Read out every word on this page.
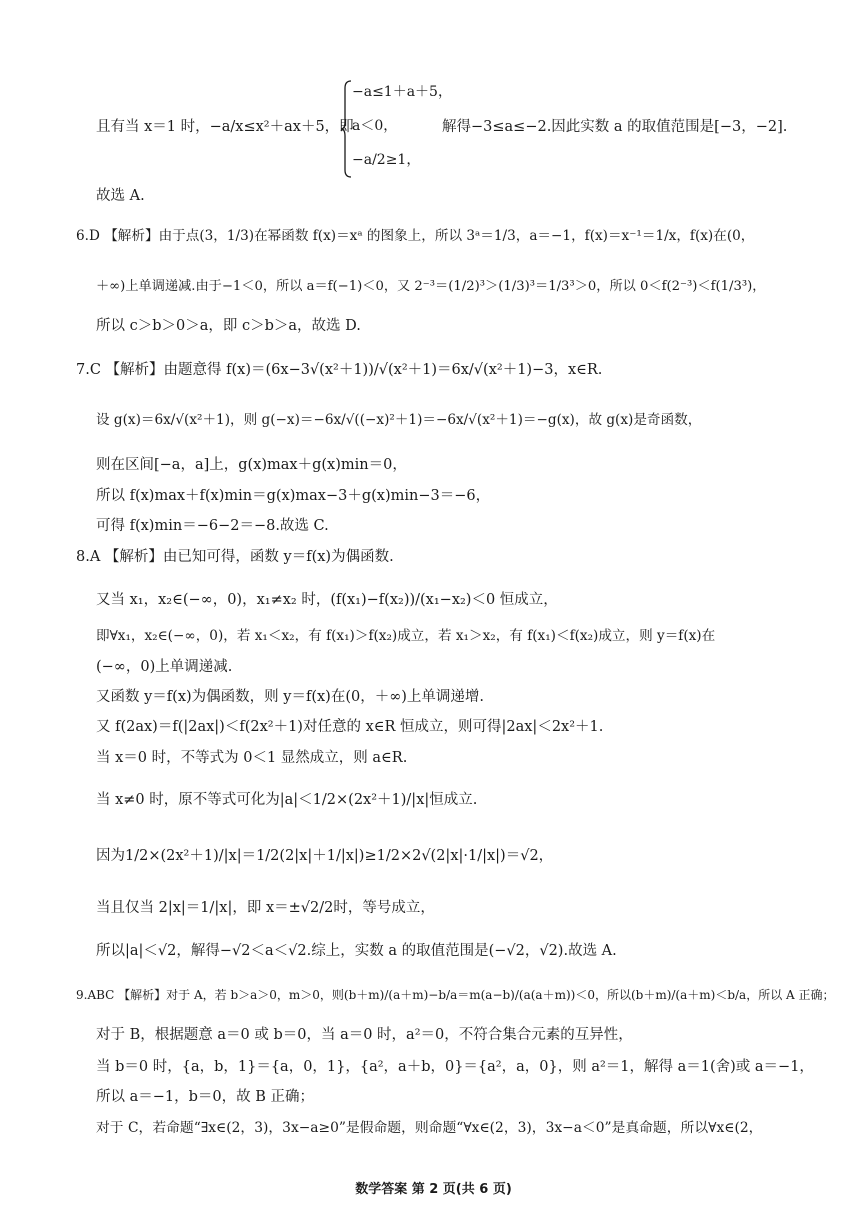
且有当 x＝1 时，−a/x≤x²＋ax＋5，即
−a≤1＋a＋5，
a＜0，
−a/2≥1，
解得−3≤a≤−2.因此实数 a 的取值范围是[−3，−2].
故选 A.
6.D 【解析】由于点(3，1/3)在幂函数 f(x)＝xᵃ 的图象上，所以 3ᵃ＝1/3，a＝−1，f(x)＝x⁻¹＝1/x，f(x)在(0，
＋∞)上单调递减.由于−1＜0，所以 a＝f(−1)＜0，又 2⁻³＝(1/2)³＞(1/3)³＝1/3³＞0，所以 0＜f(2⁻³)＜f(1/3³)，
所以 c＞b＞0＞a，即 c＞b＞a，故选 D.
7.C 【解析】由题意得 f(x)＝(6x−3√(x²＋1))/√(x²＋1)＝6x/√(x²＋1)−3，x∈R.
设 g(x)＝6x/√(x²＋1)，则 g(−x)＝−6x/√((−x)²＋1)＝−6x/√(x²＋1)＝−g(x)，故 g(x)是奇函数，
则在区间[−a，a]上，g(x)max＋g(x)min＝0，
所以 f(x)max＋f(x)min＝g(x)max−3＋g(x)min−3＝−6，
可得 f(x)min＝−6−2＝−8.故选 C.
8.A 【解析】由已知可得，函数 y＝f(x)为偶函数.
又当 x₁，x₂∈(−∞，0)，x₁≠x₂ 时，(f(x₁)−f(x₂))/(x₁−x₂)＜0 恒成立，
即∀x₁，x₂∈(−∞，0)，若 x₁＜x₂，有 f(x₁)＞f(x₂)成立，若 x₁＞x₂，有 f(x₁)＜f(x₂)成立，则 y＝f(x)在
(−∞，0)上单调递减.
又函数 y＝f(x)为偶函数，则 y＝f(x)在(0，＋∞)上单调递增.
又 f(2ax)＝f(|2ax|)＜f(2x²＋1)对任意的 x∈R 恒成立，则可得|2ax|＜2x²＋1.
当 x＝0 时，不等式为 0＜1 显然成立，则 a∈R.
当 x≠0 时，原不等式可化为|a|＜1/2×(2x²＋1)/|x|恒成立.
因为1/2×(2x²＋1)/|x|＝1/2(2|x|＋1/|x|)≥1/2×2√(2|x|·1/|x|)＝√2，
当且仅当 2|x|＝1/|x|，即 x＝±√2/2时，等号成立，
所以|a|＜√2，解得−√2＜a＜√2.综上，实数 a 的取值范围是(−√2，√2).故选 A.
9.ABC 【解析】对于 A，若 b＞a＞0，m＞0，则(b＋m)/(a＋m)−b/a＝m(a−b)/(a(a＋m))＜0，所以(b＋m)/(a＋m)＜b/a，所以 A 正确；
对于 B，根据题意 a＝0 或 b＝0，当 a＝0 时，a²＝0，不符合集合元素的互异性，
当 b＝0 时，{a，b，1}＝{a，0，1}，{a²，a＋b，0}＝{a²，a，0}，则 a²＝1，解得 a＝1(舍)或 a＝−1，
所以 a＝−1，b＝0，故 B 正确；
对于 C，若命题“∃x∈(2，3)，3x−a≥0”是假命题，则命题“∀x∈(2，3)，3x−a＜0”是真命题，所以∀x∈(2，
数学答案 第 2 页(共 6 页)
